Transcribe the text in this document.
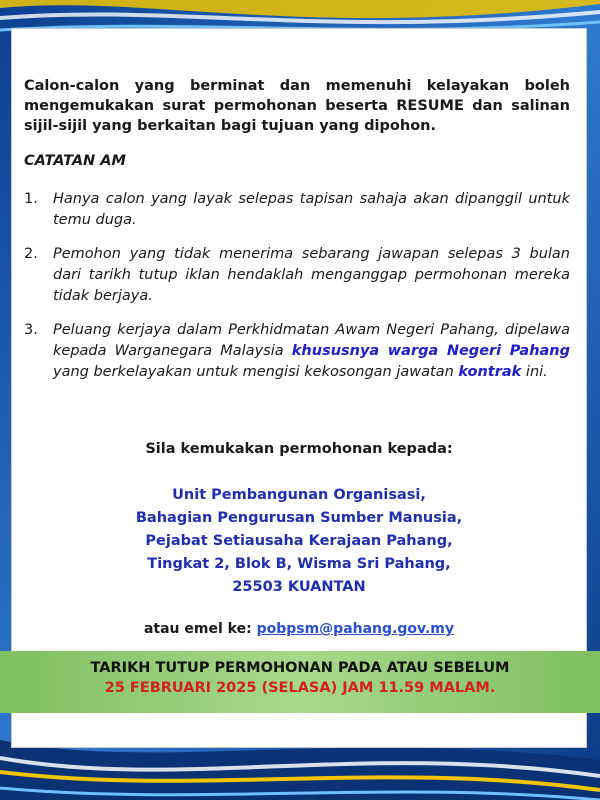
Calon-calon yang berminat dan memenuhi kelayakan boleh mengemukakan surat permohonan beserta RESUME dan salinan sijil-sijil yang berkaitan bagi tujuan yang dipohon.
CATATAN AM
1. Hanya calon yang layak selepas tapisan sahaja akan dipanggil untuk temu duga.
2. Pemohon yang tidak menerima sebarang jawapan selepas 3 bulan dari tarikh tutup iklan hendaklah menganggap permohonan mereka tidak berjaya.
3. Peluang kerjaya dalam Perkhidmatan Awam Negeri Pahang, dipelawa kepada Warganegara Malaysia khususnya warga Negeri Pahang yang berkelayakan untuk mengisi kekosongan jawatan kontrak ini.
Sila kemukakan permohonan kepada:
Unit Pembangunan Organisasi,
Bahagian Pengurusan Sumber Manusia,
Pejabat Setiausaha Kerajaan Pahang,
Tingkat 2, Blok B, Wisma Sri Pahang,
25503 KUANTAN
atau emel ke: pobpsm@pahang.gov.my
TARIKH TUTUP PERMOHONAN PADA ATAU SEBELUM
25 FEBRUARI 2025 (SELASA) JAM 11.59 MALAM.
